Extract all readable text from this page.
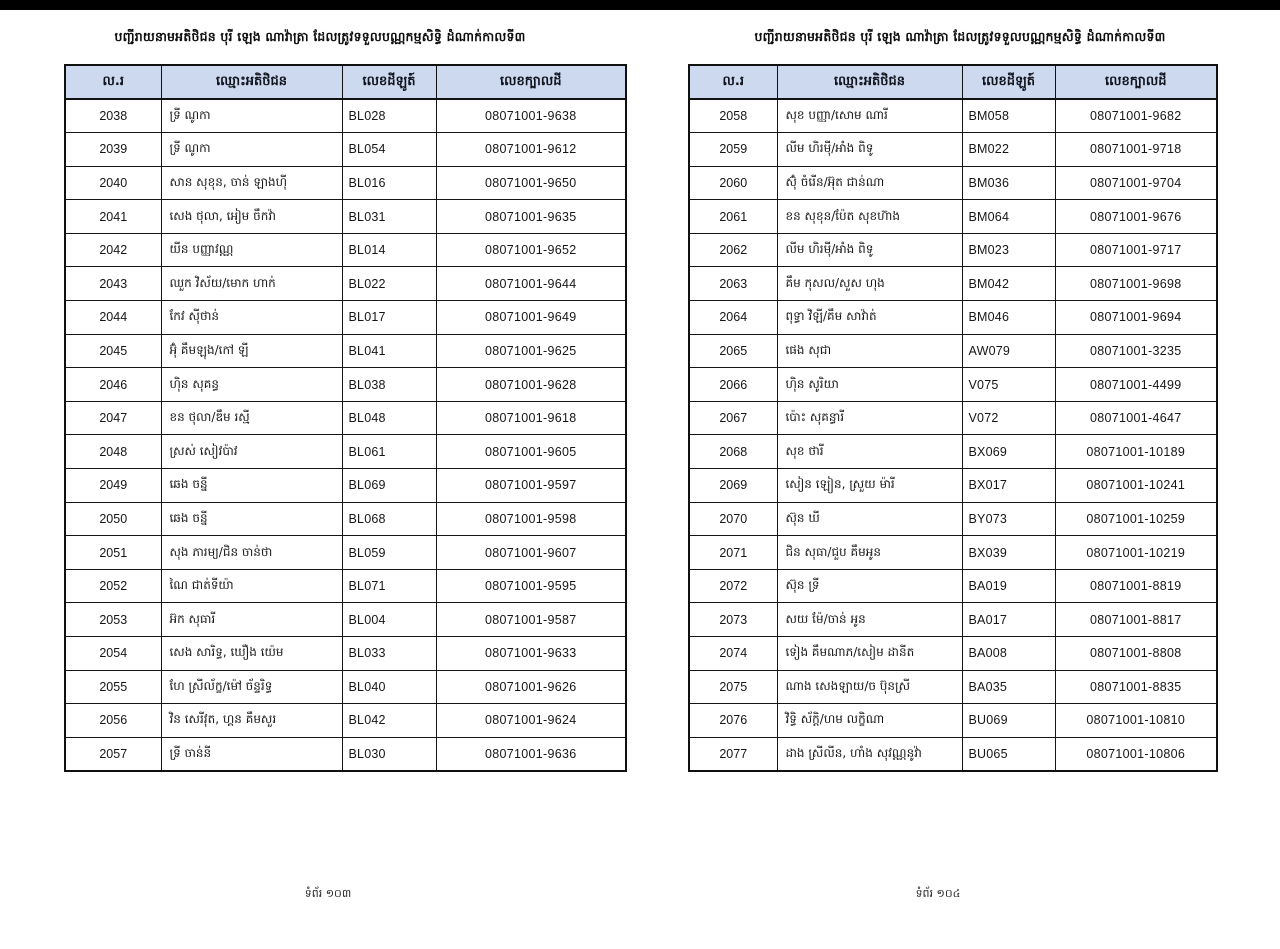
បញ្ជីរាយនាមអតិថិជន បុរី ឡេង ណាវ៉ាត្រា ដែលត្រូវទទួលបណ្ណកម្មសិទ្ធិ ដំណាក់កាលទី៣
ល.រ	ឈ្មោះអតិថិជន	លេខដីឡូត៍	លេខក្បាលដី
2038	ទ្រី ណូកា	BL028	08071001-9638
2039	ទ្រី ណូកា	BL054	08071001-9612
2040	សាន សុខុន, ចាន់ ឡាងហ៊ី	BL016	08071001-9650
2041	សេង ថុលា, អៀម ចឹកវ៉ា	BL031	08071001-9635
2042	យីន បញ្ញាវណ្ណ	BL014	08071001-9652
2043	ឈួក វិស័យ/មោក ហាក់	BL022	08071001-9644
2044	កែវ ស៊ីថាន់	BL017	08071001-9649
2045	អ៊ុំ គឹមឡុង/កៅ ឡី	BL041	08071001-9625
2046	ហ៊ិន សុគន្ធ	BL038	08071001-9628
2047	ខន ថុលា/ឌឹម រស្មី	BL048	08071001-9618
2048	ស្រស់ សៀវប៉ាវ	BL061	08071001-9605
2049	ឆេង ចន្នី	BL069	08071001-9597
2050	ឆេង ចន្នី	BL068	08071001-9598
2051	សុង ភារម្យ/ជិន ចាន់ថា	BL059	08071001-9607
2052	ណៃ ជាត់ទីយ៉ា	BL071	08071001-9595
2053	អ៊ក សុធារី	BL004	08071001-9587
2054	សេង សារិទ្ធ, ឃឿង យ៉េម	BL033	08071001-9633
2055	ហែ ស្រីល័ក្ខ/ម៉ៅ ច័ន្ទរិទ្ធ	BL040	08071001-9626
2056	វិន សេរីវុត, ហ្គន គឹមសួរ	BL042	08071001-9624
2057	ទ្រី ចាន់នី	BL030	08071001-9636
ទំព័រ ១០៣
បញ្ជីរាយនាមអតិថិជន បុរី ឡេង ណាវ៉ាត្រា ដែលត្រូវទទួលបណ្ណកម្មសិទ្ធិ ដំណាក់កាលទី៣
ល.រ	ឈ្មោះអតិថិជន	លេខដីឡូត៍	លេខក្បាលដី
2058	សុខ បញ្ញា/សោម ណារី	BM058	08071001-9682
2059	លីម ហិរម៉ី/អាំង ពិទូ	BM022	08071001-9718
2060	ស៊ុំ ចំរើន/អ៊ុត ជាន់ណា	BM036	08071001-9704
2061	ខន សុខុន/ប៉ែត សុខហ៊ាង	BM064	08071001-9676
2062	លីម ហិរម៉ី/អាំង ពិទូ	BM023	08071001-9717
2063	គឹម កុសល/សួស ហុង	BM042	08071001-9698
2064	ពុទ្ធា វិឡី/គឹម សាវ៉ាត់	BM046	08071001-9694
2065	ផេង សុជា	AW079	08071001-3235
2066	ហ៊ិន សូរិយា	V075	08071001-4499
2067	ប៉ោះ សុគន្ធារី	V072	08071001-4647
2068	សុខ ថារី	BX069	08071001-10189
2069	សៀន ឡៀន, ស្រួយ ម៉ារី	BX017	08071001-10241
2070	ស៊ុន ឃី	BY073	08071001-10259
2071	ជិន សុធា/ជួប គឹមអូន	BX039	08071001-10219
2072	ស៊ុន ទ្រី	BA019	08071001-8819
2073	សយ ម៉ែ/ចាន់ អូន	BA017	08071001-8817
2074	ទៀង គឹមណាភ/សៀម ដានីត	BA008	08071001-8808
2075	ណាង សេងឡាយ/ច ប៊ុនស្រី	BA035	08071001-8835
2076	វិទ្ធិ ស័ក្តិ/ហម លក្ខិណា	BU069	08071001-10810
2077	ដាង ស្រីលីន, ហាំង សុវណ្ណនូវ៉ា	BU065	08071001-10806
ទំព័រ ១០៤
